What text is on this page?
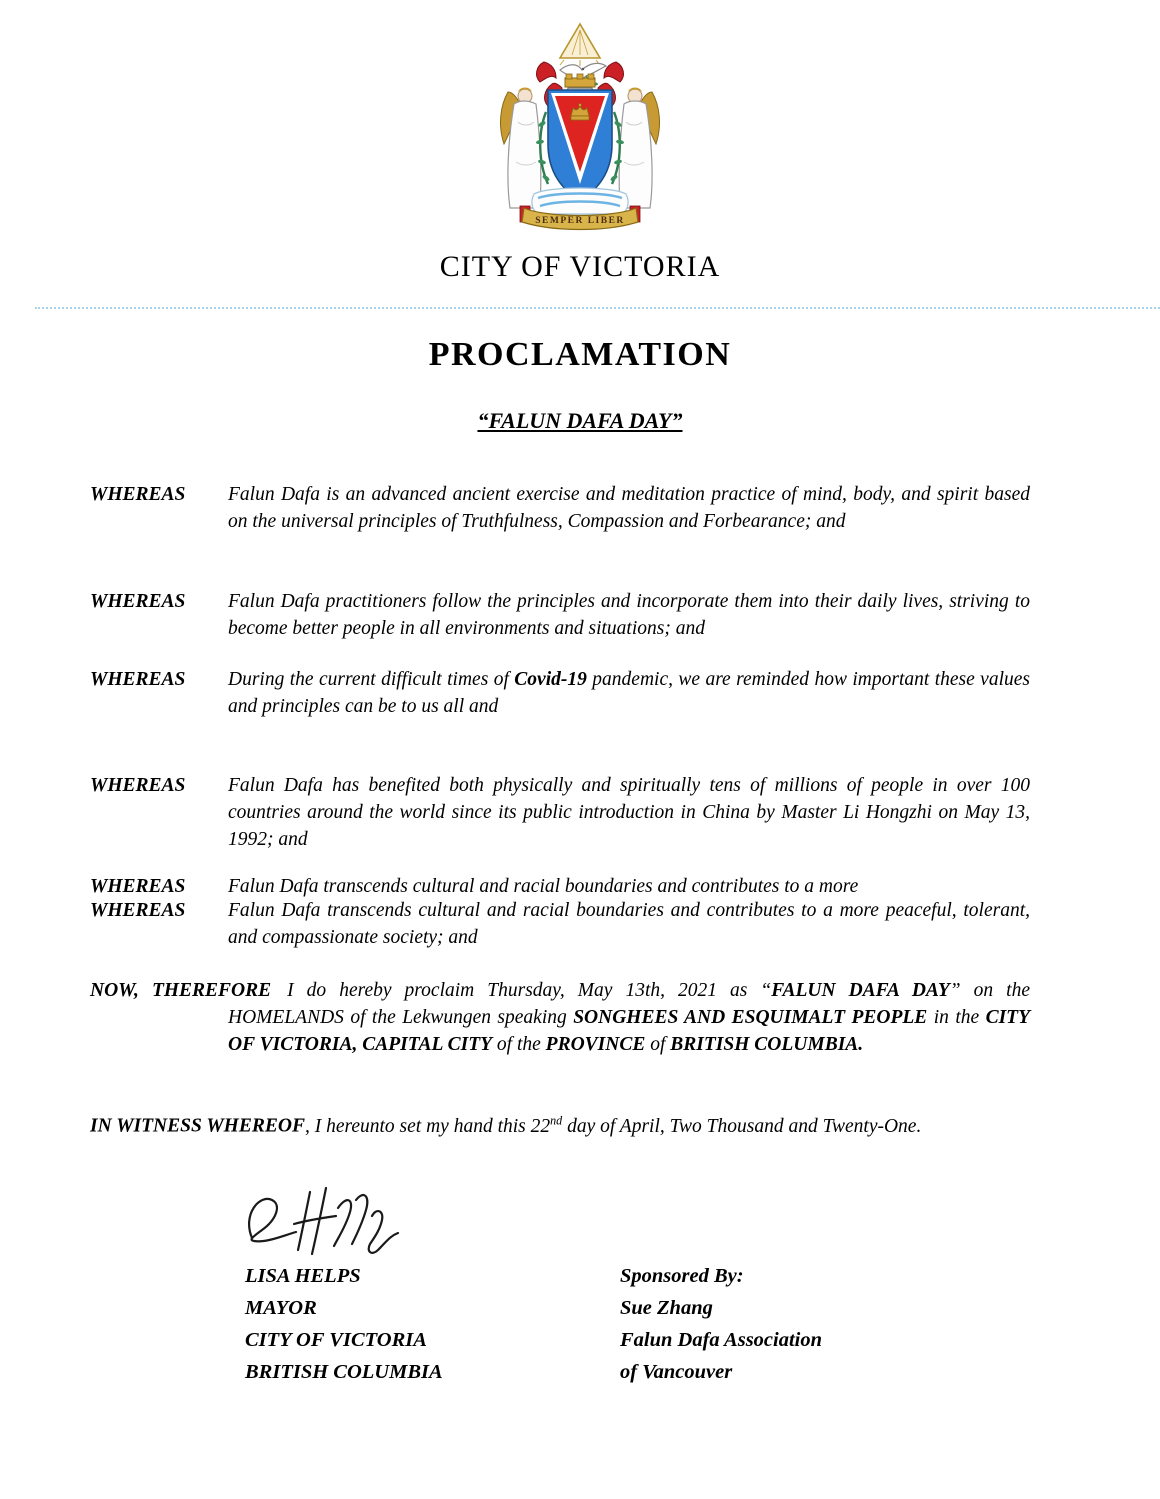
SEMPER LIBER
CITY OF VICTORIA
PROCLAMATION
“FALUN DAFA DAY”
WHEREAS Falun Dafa is an advanced ancient exercise and meditation practice of mind, body, and spirit based on the universal principles of Truthfulness, Compassion and Forbearance; and
WHEREAS Falun Dafa practitioners follow the principles and incorporate them into their daily lives, striving to become better people in all environments and situations; and
WHEREAS During the current difficult times of Covid-19 pandemic, we are reminded how important these values and principles can be to us all and
WHEREAS Falun Dafa has benefited both physically and spiritually tens of millions of people in over 100 countries around the world since its public introduction in China by Master Li Hongzhi on May 13, 1992; and
WHEREAS Falun Dafa transcends cultural and racial boundaries and contributes to a more
WHEREAS Falun Dafa transcends cultural and racial boundaries and contributes to a more peaceful, tolerant, and compassionate society; and
NOW, THEREFORE I do hereby proclaim Thursday, May 13th, 2021 as “FALUN DAFA DAY” on the HOMELANDS of the Lekwungen speaking SONGHEES AND ESQUIMALT PEOPLE in the CITY OF VICTORIA, CAPITAL CITY of the PROVINCE of BRITISH COLUMBIA.
IN WITNESS WHEREOF, I hereunto set my hand this 22nd day of April, Two Thousand and Twenty-One.
LISA HELPS
MAYOR
CITY OF VICTORIA
BRITISH COLUMBIA
Sponsored By:
Sue Zhang
Falun Dafa Association
of Vancouver
